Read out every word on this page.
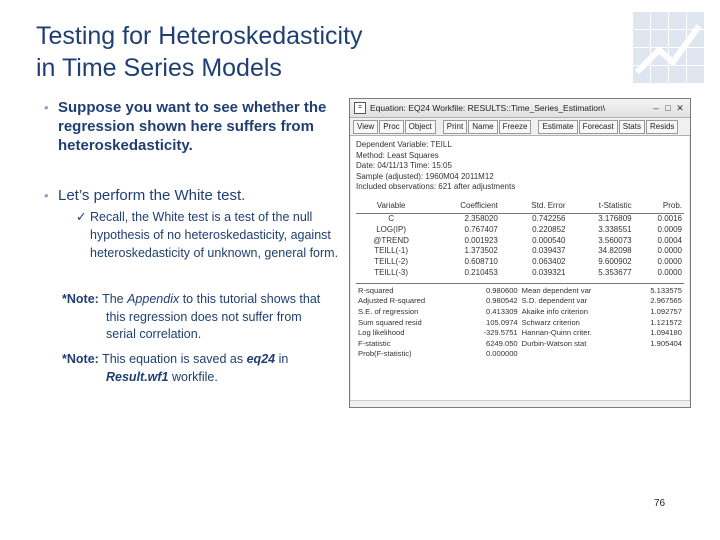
Testing for Heteroskedasticity
in Time Series Models
• Suppose you want to see whether the regression shown here suffers from heteroskedasticity.
• Let’s perform the White test.
✓ Recall, the White test is a test of the null hypothesis of no heteroskedasticity, against heteroskedasticity of unknown, general form.
*Note: The Appendix to this tutorial shows that this regression does not suffer from serial correlation.
*Note: This equation is saved as eq24 in Result.wf1 workfile.
= Equation: EQ24 Workfile: RESULTS::Time_Series_Estimation\	– □ ✕
View	Proc	Object	Print	Name	Freeze	Estimate	Forecast	Stats	Resids
Dependent Variable: TEILL
Method: Least Squares
Date: 04/11/13 Time: 15:05
Sample (adjusted): 1960M04 2011M12
Included observations: 621 after adjustments
Variable	Coefficient	Std. Error	t-Statistic	Prob.
C	2.358020	0.742256	3.176809	0.0016
LOG(IP)	0.767407	0.220852	3.338551	0.0009
@TREND	0.001923	0.000540	3.560073	0.0004
TEILL(-1)	1.373502	0.039437	34.82098	0.0000
TEILL(-2)	0.608710	0.063402	9.600902	0.0000
TEILL(-3)	0.210453	0.039321	5.353677	0.0000
R-squared	0.980600	Mean dependent var	5.133575
Adjusted R-squared	0.980542	S.D. dependent var	2.967565
S.E. of regression	0.413309	Akaike info criterion	1.092757
Sum squared resid	105.0974	Schwarz criterion	1.121572
Log likelihood	-329.5751	Hannan-Quinn criter.	1.094180
F-statistic	6249.050	Durbin-Watson stat	1.905404
Prob(F-statistic)	0.000000		
76
